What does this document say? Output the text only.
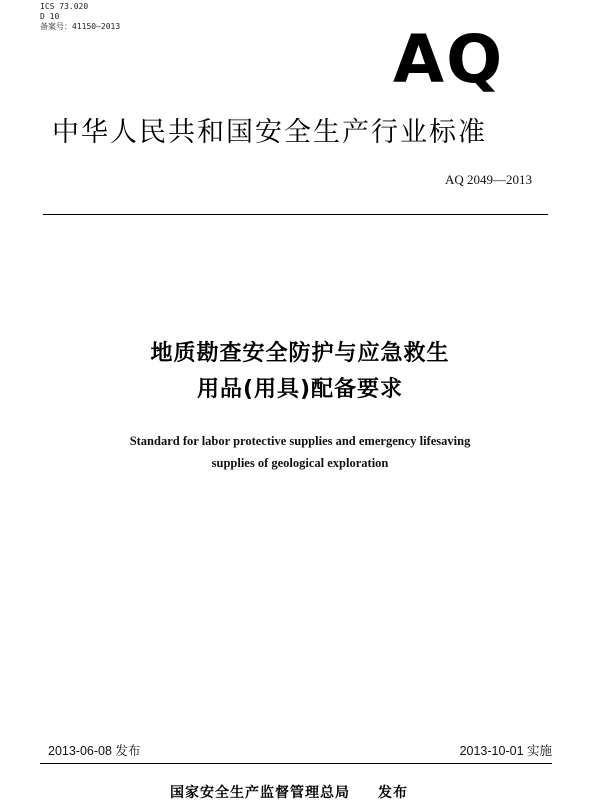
ICS 73.020
D 10
备案号：41150—2013	AQ
中华人民共和国安全生产行业标准
AQ 2049—2013
地质勘查安全防护与应急救生
用品(用具)配备要求
Standard for labor protective supplies and emergency lifesaving
supplies of geological exploration
2013-06-08 发布	2013-10-01 实施
国家安全生产监督管理总局 发布
